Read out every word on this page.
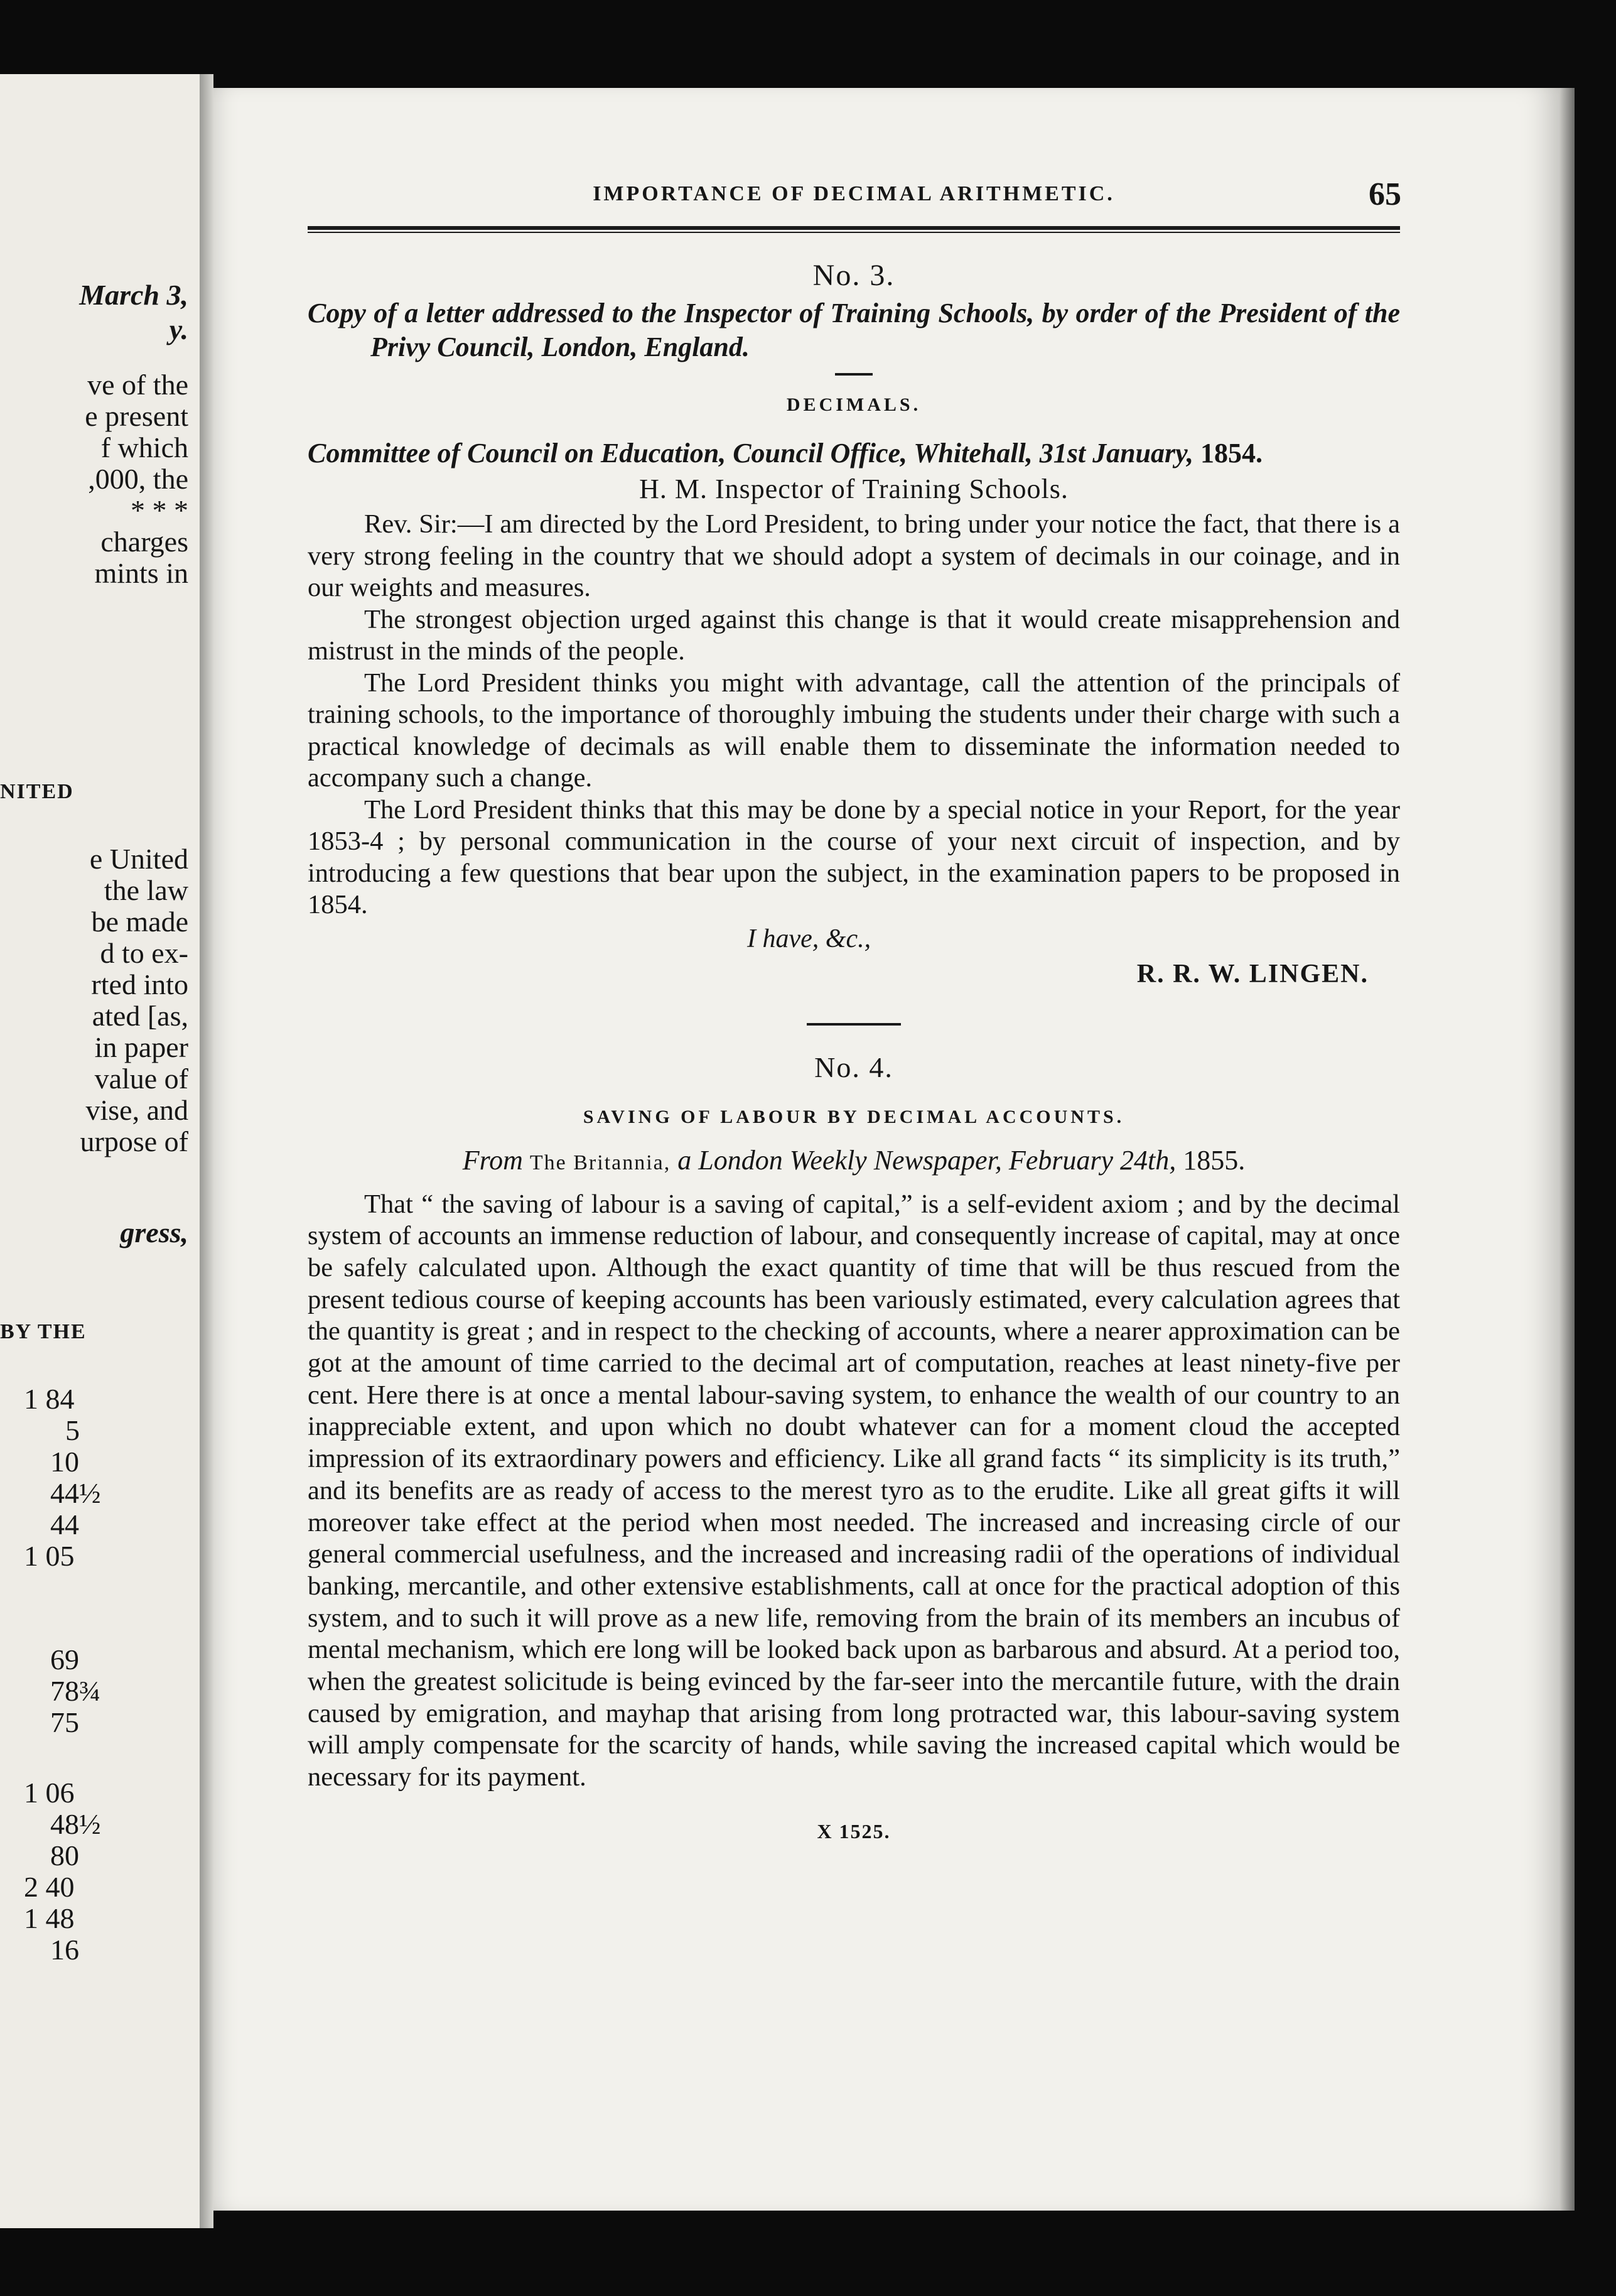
March 3,
y.
ve of the
e present
f which
,000, the
* * *
charges
mints in
NITED
e United
the law
be made
d to ex-
rted into
ated [as,
in paper
value of
vise, and
urpose of
gress,
BY THE
1 84
5
10
44½
44
1 05
69
78¾
75
1 06
48½
80
2 40
1 48
16
IMPORTANCE OF DECIMAL ARITHMETIC.	65
No. 3.
Copy of a letter addressed to the Inspector of Training Schools, by order of the President of the Privy Council, London, England.
DECIMALS.
Committee of Council on Education, Council Office, Whitehall, 31st January, 1854.
H. M. Inspector of Training Schools.

Rev. Sir:—I am directed by the Lord President, to bring under your notice the fact, that there is a very strong feeling in the country that we should adopt a system of decimals in our coinage, and in our weights and measures.

The strongest objection urged against this change is that it would create misapprehension and mistrust in the minds of the people.

The Lord President thinks you might with advantage, call the attention of the principals of training schools, to the importance of thoroughly imbuing the students under their charge with such a practical knowledge of decimals as will enable them to disseminate the information needed to accompany such a change.

The Lord President thinks that this may be done by a special notice in your Report, for the year 1853-4 ; by personal communication in the course of your next circuit of inspection, and by introducing a few questions that bear upon the subject, in the examination papers to be proposed in 1854.

I have, &c.,
R. R. W. LINGEN.
No. 4.
SAVING OF LABOUR BY DECIMAL ACCOUNTS.
From The Britannia, a London Weekly Newspaper, February 24th, 1855.

That “ the saving of labour is a saving of capital,” is a self-evident axiom ; and by the decimal system of accounts an immense reduction of labour, and consequently increase of capital, may at once be safely calculated upon. Although the exact quantity of time that will be thus rescued from the present tedious course of keeping accounts has been variously estimated, every calculation agrees that the quantity is great ; and in respect to the checking of accounts, where a nearer approximation can be got at the amount of time carried to the decimal art of computation, reaches at least ninety-five per cent. Here there is at once a mental labour-saving system, to enhance the wealth of our country to an inappreciable extent, and upon which no doubt whatever can for a moment cloud the accepted impression of its extraordinary powers and efficiency. Like all grand facts “ its simplicity is its truth,” and its benefits are as ready of access to the merest tyro as to the erudite. Like all great gifts it will moreover take effect at the period when most needed. The increased and increasing circle of our general commercial usefulness, and the increased and increasing radii of the operations of individual banking, mercantile, and other extensive establishments, call at once for the practical adoption of this system, and to such it will prove as a new life, removing from the brain of its members an incubus of mental mechanism, which ere long will be looked back upon as barbarous and absurd. At a period too, when the greatest solicitude is being evinced by the far-seer into the mercantile future, with the drain caused by emigration, and mayhap that arising from long protracted war, this labour-saving system will amply compensate for the scarcity of hands, while saving the increased capital which would be necessary for its payment.

X 1525.
